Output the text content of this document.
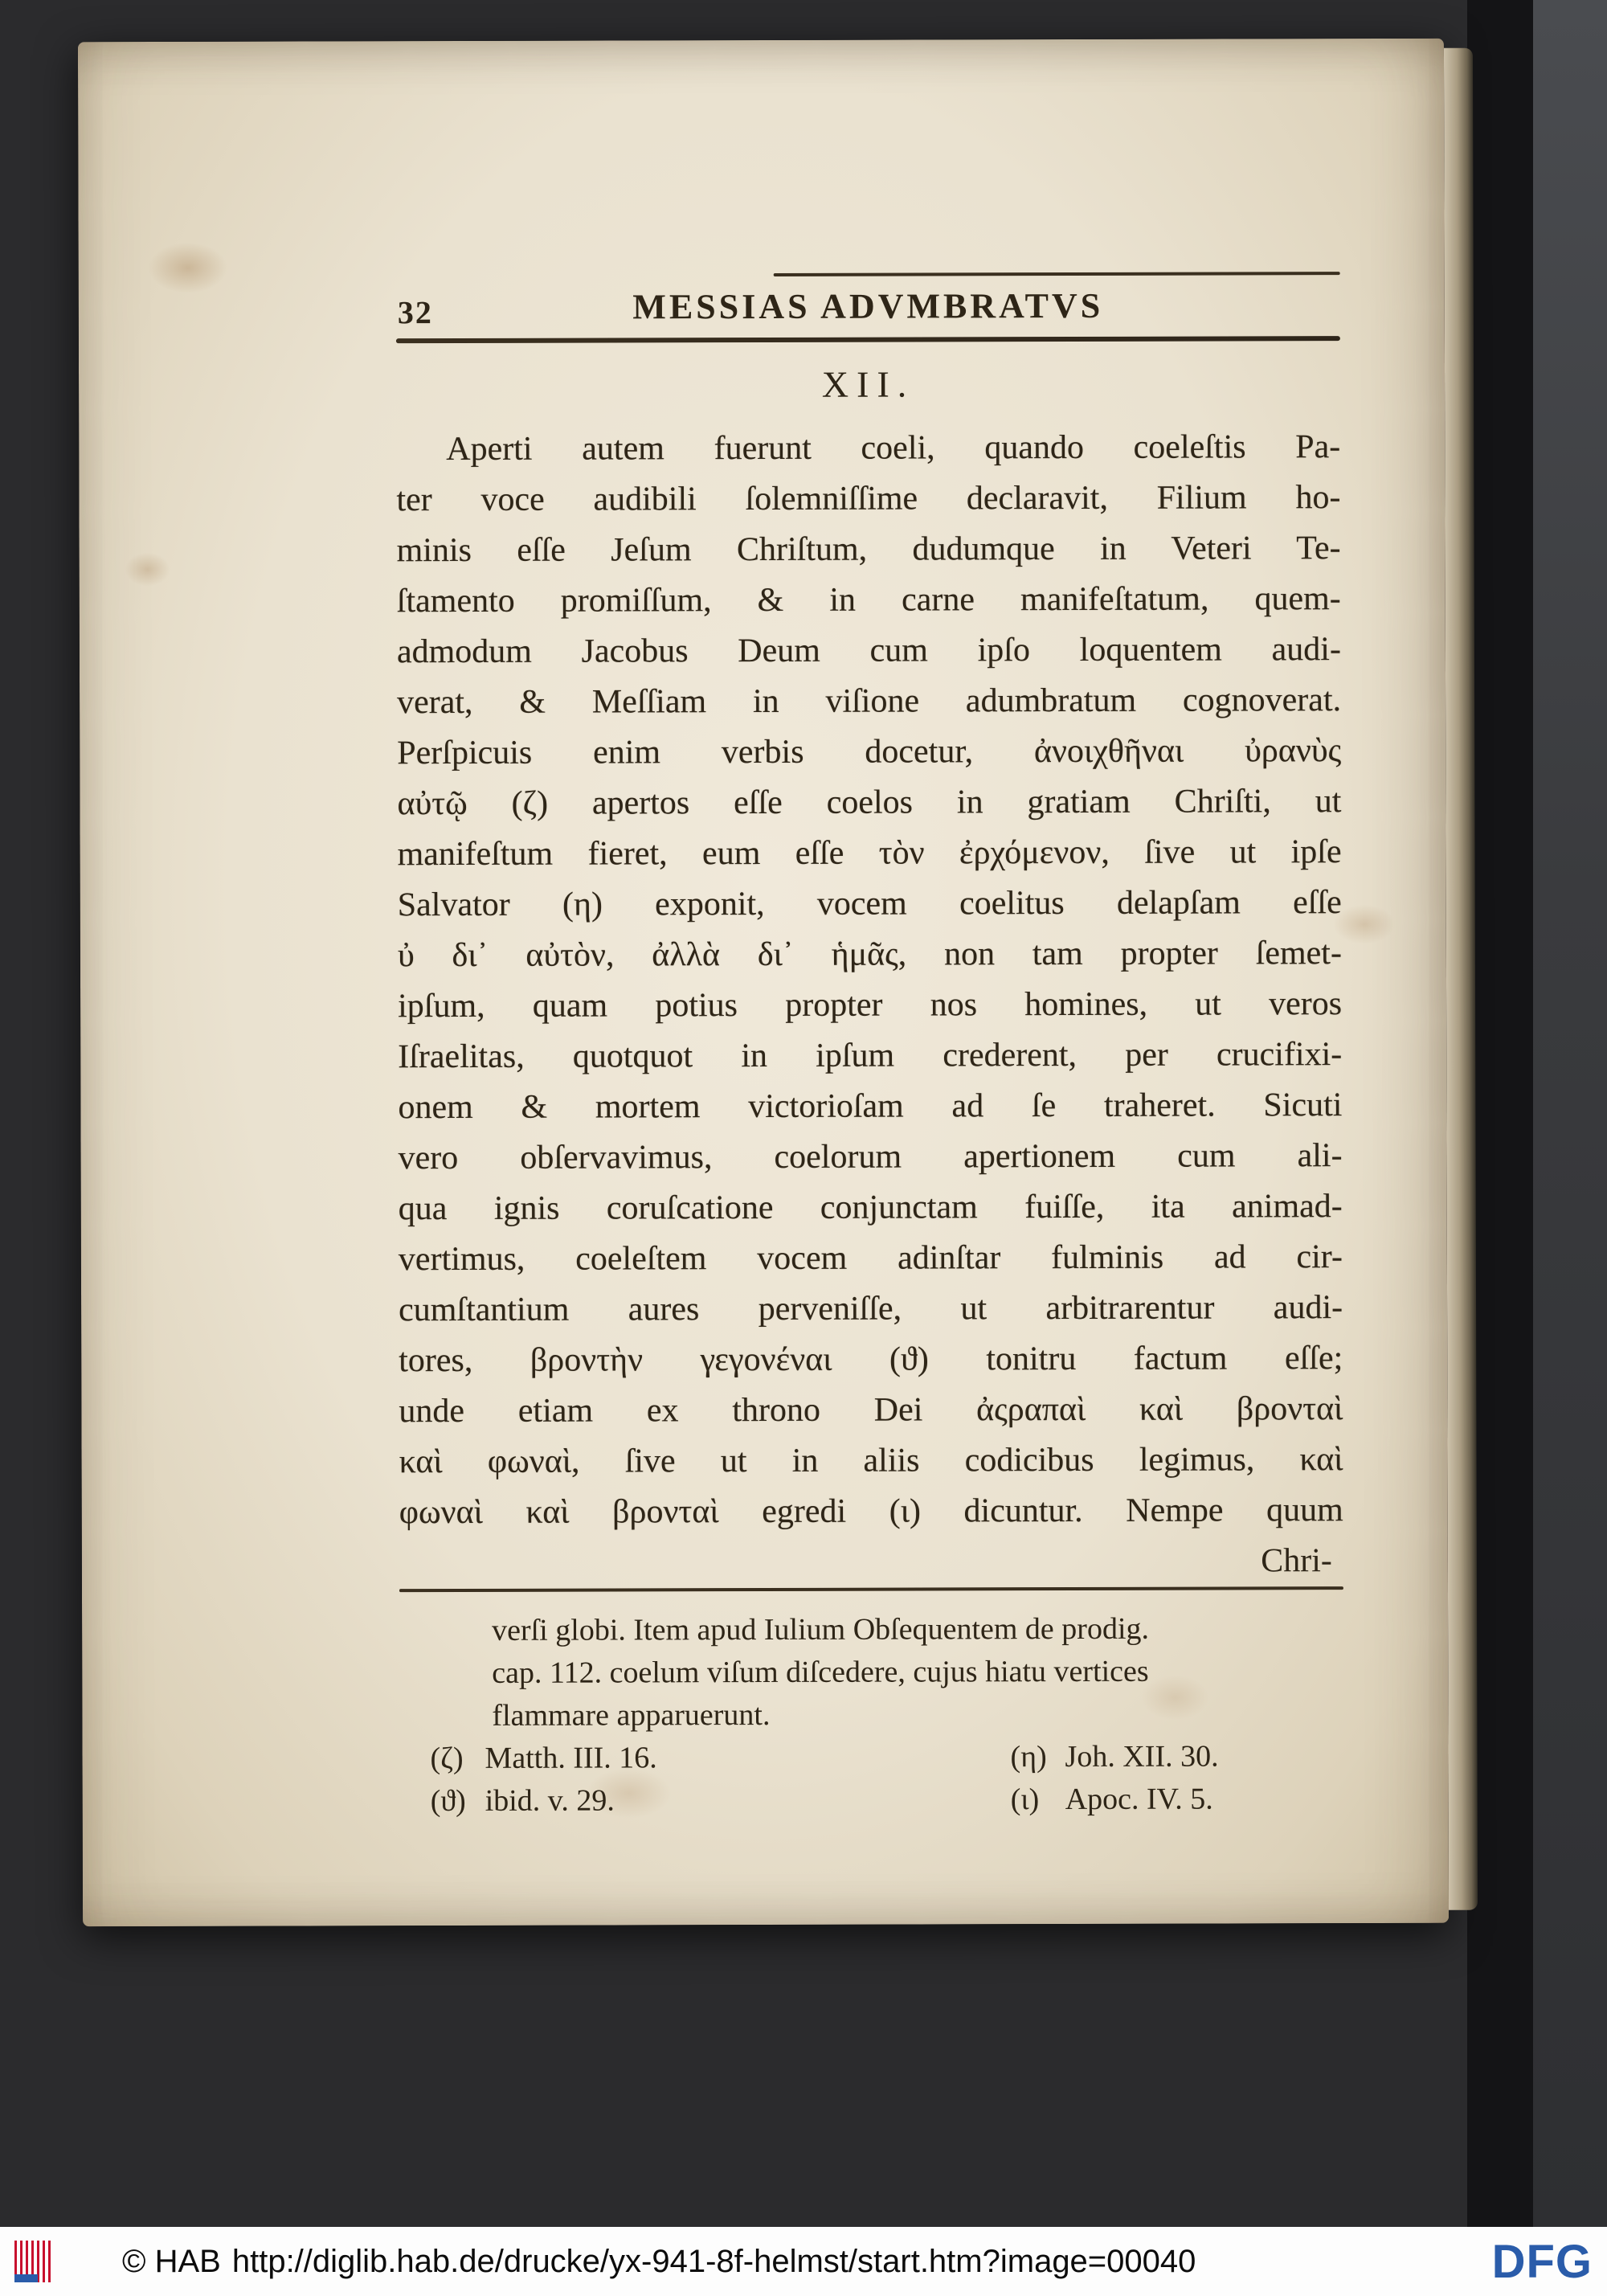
32	MESSIAS ADVMBRATVS
XII.
Aperti autem fuerunt coeli, quando coeleſtis Pa-
ter voce audibili ſolemniſſime declaravit, Filium ho-
minis eſſe Jeſum Chriſtum, dudumque in Veteri Te-
ſtamento promiſſum, & in carne manifeſtatum, quem-
admodum Jacobus Deum cum ipſo loquentem audi-
verat, & Meſſiam in viſione adumbratum cognoverat.
Perſpicuis enim verbis docetur, ἀνοιχθῆναι ὐρανὺς
αὐτῷ (ζ) apertos eſſe coelos in gratiam Chriſti, ut
manifeſtum fieret, eum eſſe τὸν ἐρχόμενον, ſive ut ipſe
Salvator (η) exponit, vocem coelitus delapſam eſſe
ὐ δι᾽ αὐτὸν, ἀλλὰ δι᾽ ἡμᾶς, non tam propter ſemet-
ipſum, quam potius propter nos homines, ut veros
Iſraelitas, quotquot in ipſum crederent, per crucifixi-
onem & mortem victorioſam ad ſe traheret. Sicuti
vero obſervavimus, coelorum apertionem cum ali-
qua ignis coruſcatione conjunctam fuiſſe, ita animad-
vertimus, coeleſtem vocem adinſtar fulminis ad cir-
cumſtantium aures perveniſſe, ut arbitrarentur audi-
tores, βροντὴν γεγονέναι (ϑ) tonitru factum eſſe;
unde etiam ex throno Dei ἀςραπαὶ καὶ βρονταὶ
καὶ φωναὶ, ſive ut in aliis codicibus legimus, καὶ
φωναὶ καὶ βρονταὶ egredi (ι) dicuntur. Nempe quum
Chri-
verſi globi. Item apud Iulium Obſequentem de prodig.
cap. 112. coelum viſum diſcedere, cujus hiatu vertices
flammare apparuerunt.
(ζ) Matth. III. 16.	(η) Joh. XII. 30.
(ϑ) ibid. v. 29.	(ι) Apoc. IV. 5.
© HAB http://diglib.hab.de/drucke/yx-941-8f-helmst/start.htm?image=00040	DFG
